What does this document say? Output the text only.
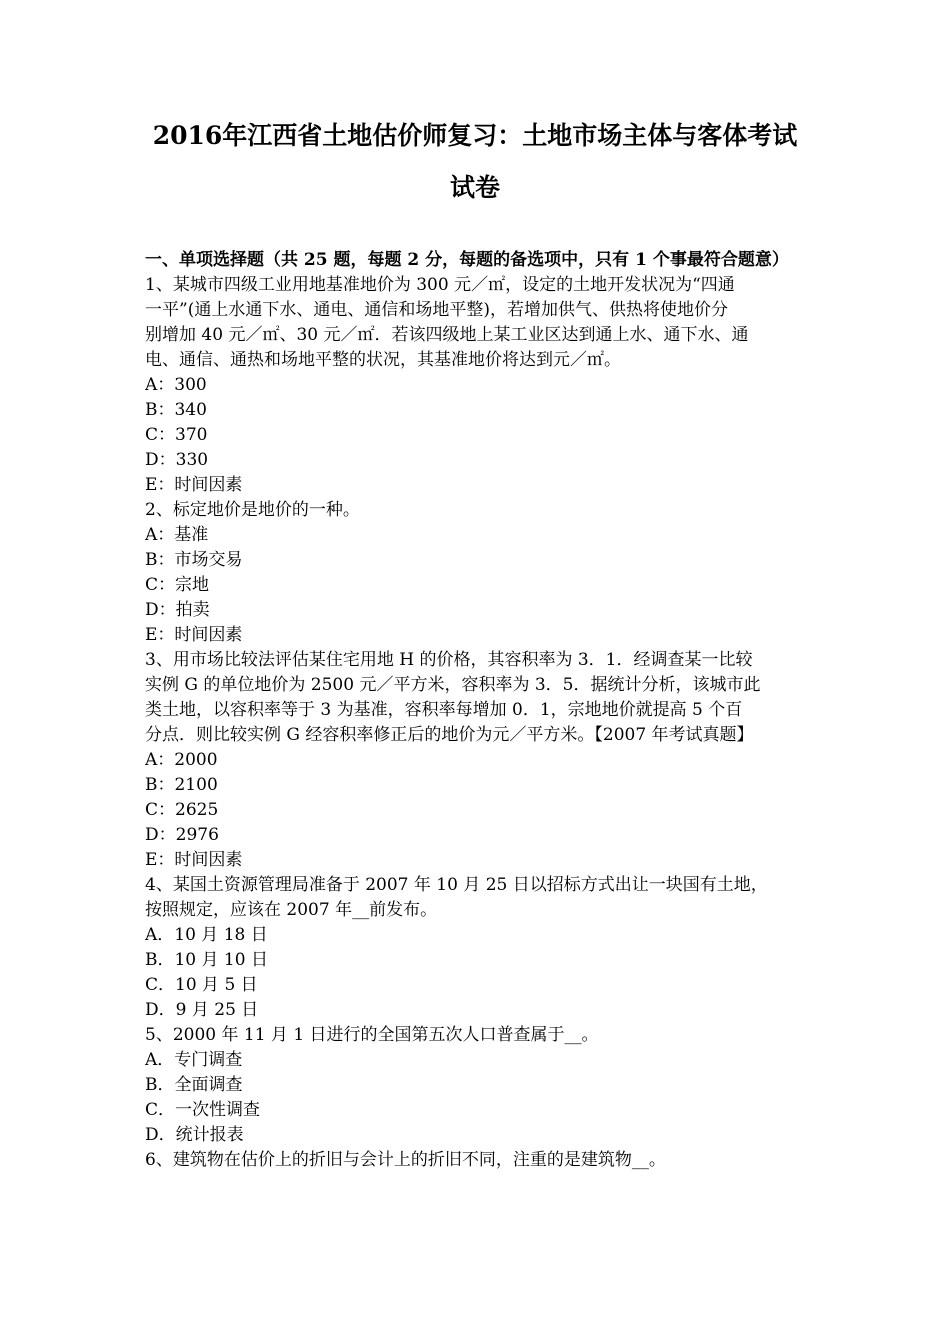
2016年江西省土地估价师复习：土地市场主体与客体考试
试卷

一、单项选择题（共 25 题，每题 2 分，每题的备选项中，只有 1 个事最符合题意）

1、某城市四级工业用地基准地价为 300 元／㎡，设定的土地开发状况为“四通

一平”(通上水通下水、通电、通信和场地平整)，若增加供气、供热将使地价分

别增加 40 元／㎡、30 元／㎡．若该四级地上某工业区达到通上水、通下水、通

电、通信、通热和场地平整的状况，其基准地价将达到元／㎡。

A：300

B：340

C：370

D：330

E：时间因素

2、标定地价是地价的一种。

A：基准

B：市场交易

C：宗地

D：拍卖

E：时间因素

3、用市场比较法评估某住宅用地 H 的价格，其容积率为 3．1．经调查某一比较

实例 G 的单位地价为 2500 元／平方米，容积率为 3．5．据统计分析，该城市此

类土地，以容积率等于 3 为基准，容积率每增加 0．1，宗地地价就提高 5 个百

分点．则比较实例 G 经容积率修正后的地价为元／平方米。【2007 年考试真题】

A：2000

B：2100

C：2625

D：2976

E：时间因素

4、某国土资源管理局准备于 2007 年 10 月 25 日以招标方式出让一块国有土地，

按照规定，应该在 2007 年__前发布。

A．10 月 18 日

B．10 月 10 日

C．10 月 5 日

D．9 月 25 日

5、2000 年 11 月 1 日进行的全国第五次人口普查属于__。

A．专门调查

B．全面调查

C．一次性调查

D．统计报表

6、建筑物在估价上的折旧与会计上的折旧不同，注重的是建筑物__。
